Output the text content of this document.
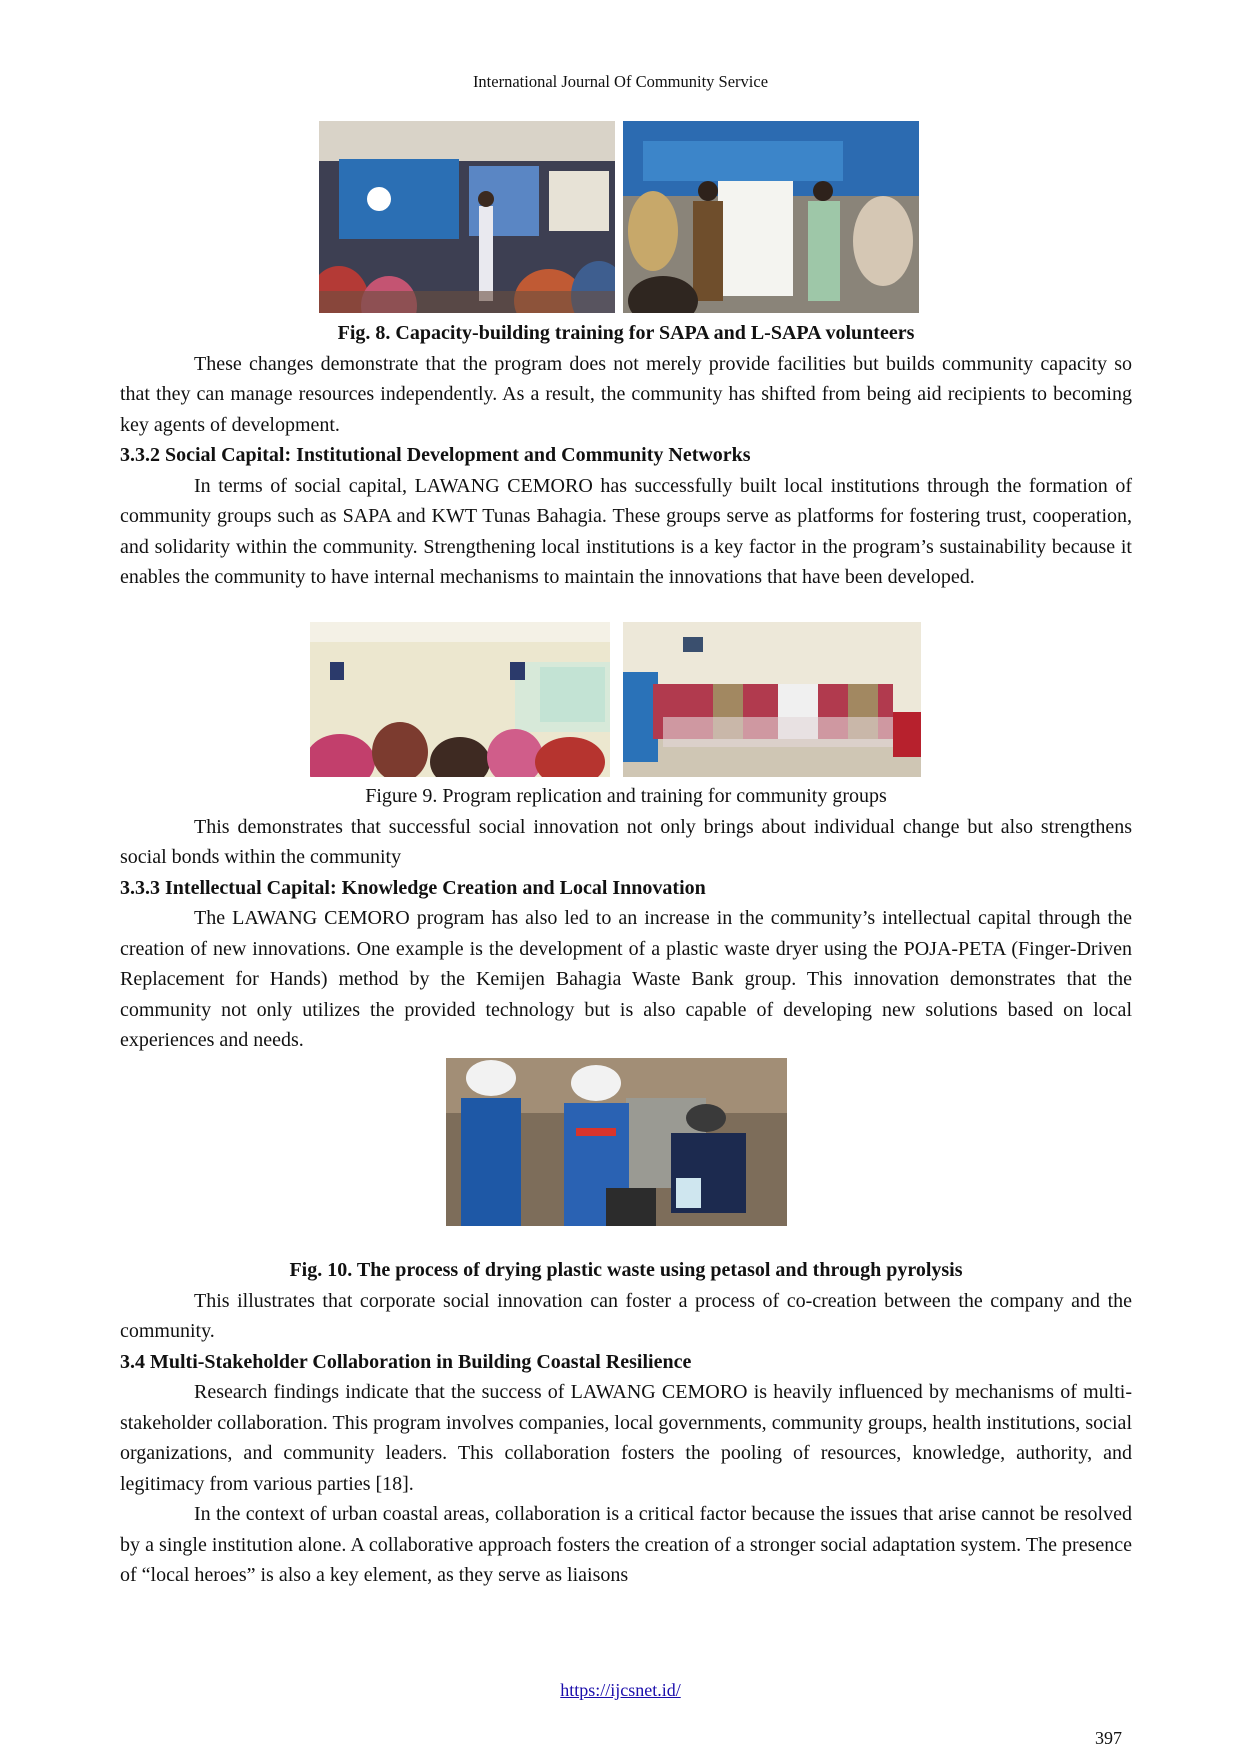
International Journal Of Community Service

Fig. 8. Capacity-building training for SAPA and L-SAPA volunteers

These changes demonstrate that the program does not merely provide facilities but builds community capacity so that they can manage resources independently. As a result, the community has shifted from being aid recipients to becoming key agents of development.

3.3.2 Social Capital: Institutional Development and Community Networks

In terms of social capital, LAWANG CEMORO has successfully built local institutions through the formation of community groups such as SAPA and KWT Tunas Bahagia. These groups serve as platforms for fostering trust, cooperation, and solidarity within the community. Strengthening local institutions is a key factor in the program’s sustainability because it enables the community to have internal mechanisms to maintain the innovations that have been developed.

Figure 9. Program replication and training for community groups

This demonstrates that successful social innovation not only brings about individual change but also strengthens social bonds within the community

3.3.3 Intellectual Capital: Knowledge Creation and Local Innovation

The LAWANG CEMORO program has also led to an increase in the community’s intellectual capital through the creation of new innovations. One example is the development of a plastic waste dryer using the POJA-PETA (Finger-Driven Replacement for Hands) method by the Kemijen Bahagia Waste Bank group. This innovation demonstrates that the community not only utilizes the provided technology but is also capable of developing new solutions based on local experiences and needs.

Fig. 10. The process of drying plastic waste using petasol and through pyrolysis

This illustrates that corporate social innovation can foster a process of co-creation between the company and the community.

3.4 Multi-Stakeholder Collaboration in Building Coastal Resilience

Research findings indicate that the success of LAWANG CEMORO is heavily influenced by mechanisms of multi-stakeholder collaboration. This program involves companies, local governments, community groups, health institutions, social organizations, and community leaders. This collaboration fosters the pooling of resources, knowledge, authority, and legitimacy from various parties [18].

In the context of urban coastal areas, collaboration is a critical factor because the issues that arise cannot be resolved by a single institution alone. A collaborative approach fosters the creation of a stronger social adaptation system. The presence of “local heroes” is also a key element, as they serve as liaisons

https://ijcsnet.id/
397
